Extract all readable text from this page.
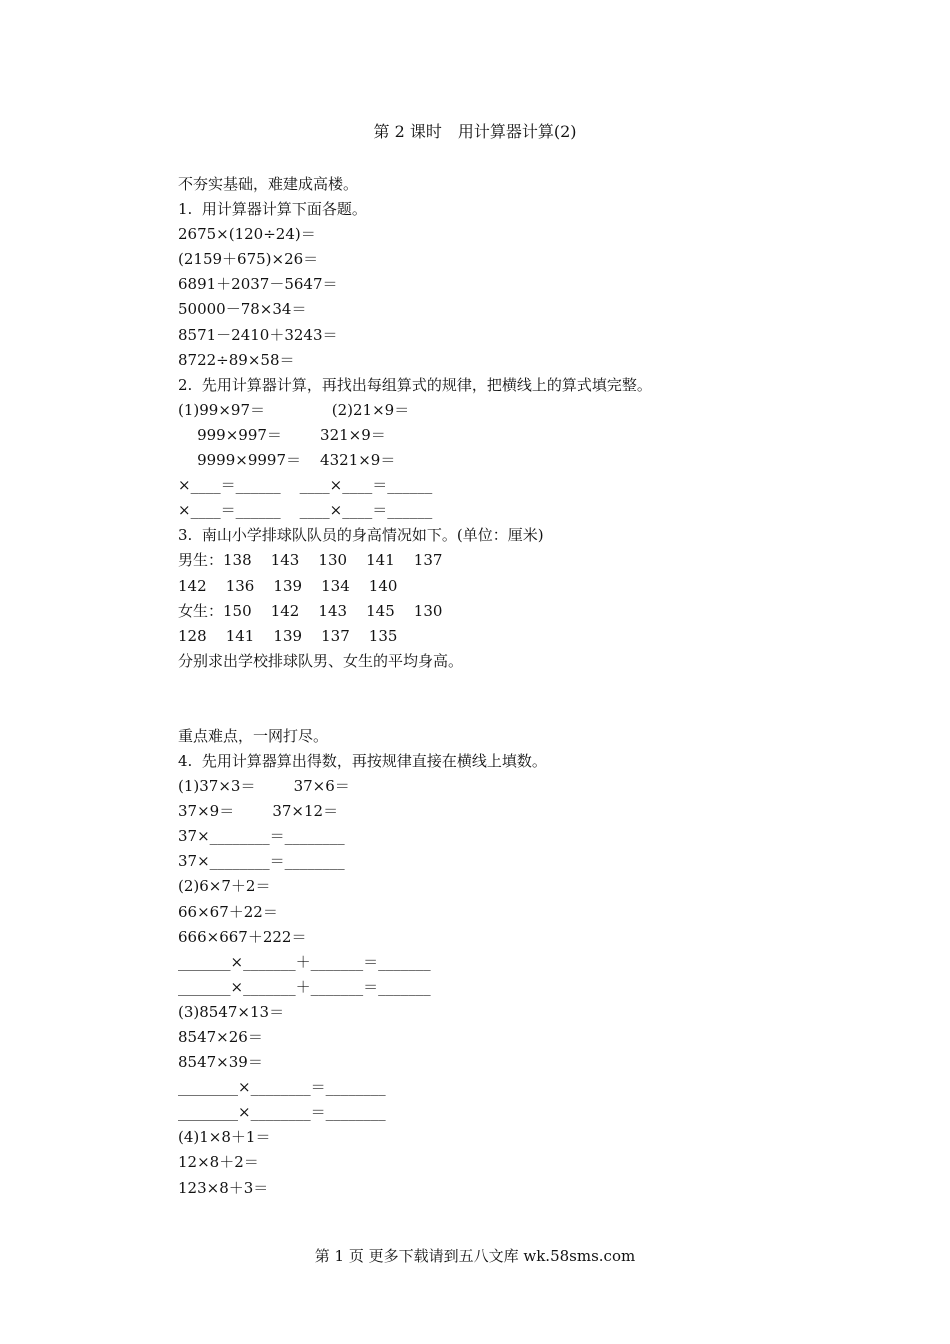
第 2 课时　用计算器计算(2)
不夯实基础，难建成高楼。
1.  用计算器计算下面各题。
2675×(120÷24)＝
(2159＋675)×26＝
6891＋2037－5647＝
50000－78×34＝
8571－2410＋3243＝
8722÷89×58＝
2.  先用计算器计算，再找出每组算式的规律，把横线上的算式填完整。
(1)99×97＝              (2)21×9＝
999×997＝        321×9＝
9999×9997＝    4321×9＝
×____＝______    ____×____＝______
×____＝______    ____×____＝______
3.  南山小学排球队队员的身高情况如下。(单位：厘米)
男生：138    143    130    141    137
142    136    139    134    140
女生：150    142    143    145    130
128    141    139    137    135
分别求出学校排球队男、女生的平均身高。
重点难点，一网打尽。
4.  先用计算器算出得数，再按规律直接在横线上填数。
(1)37×3＝        37×6＝
37×9＝        37×12＝
37×________＝________
37×________＝________
(2)6×7＋2＝
66×67＋22＝
666×667＋222＝
_______×_______＋_______＝_______
_______×_______＋_______＝_______
(3)8547×13＝
8547×26＝
8547×39＝
________×________＝________
________×________＝________
(4)1×8＋1＝
12×8＋2＝
123×8＋3＝
第 1 页 更多下载请到五八文库 wk.58sms.com
